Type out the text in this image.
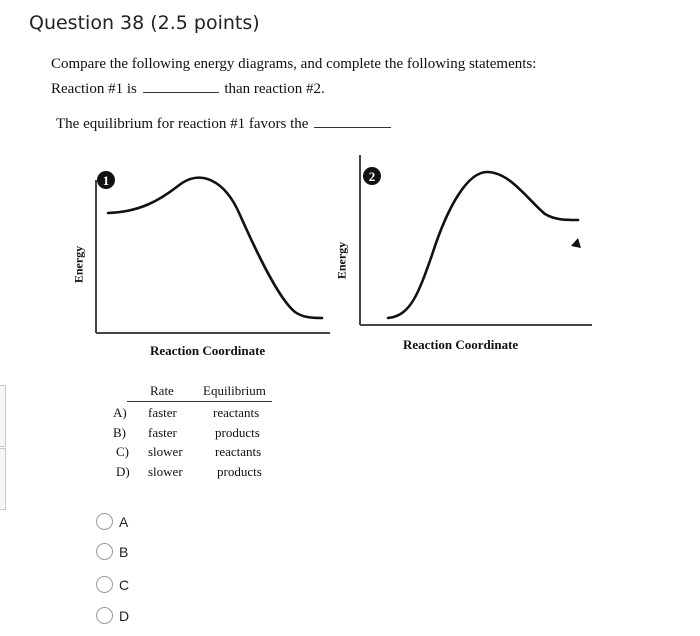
Question 38 (2.5 points)
Compare the following energy diagrams, and complete the following statements:
Reaction #1 is	than reaction #2.
The equilibrium for reaction #1 favors the
1	2
Energy
Reaction Coordinate
Energy
Reaction Coordinate
Rate Equilibrium
A) faster	reactants
B) faster	products
C) slower reactants
D) slower	products
A
B
C
D
